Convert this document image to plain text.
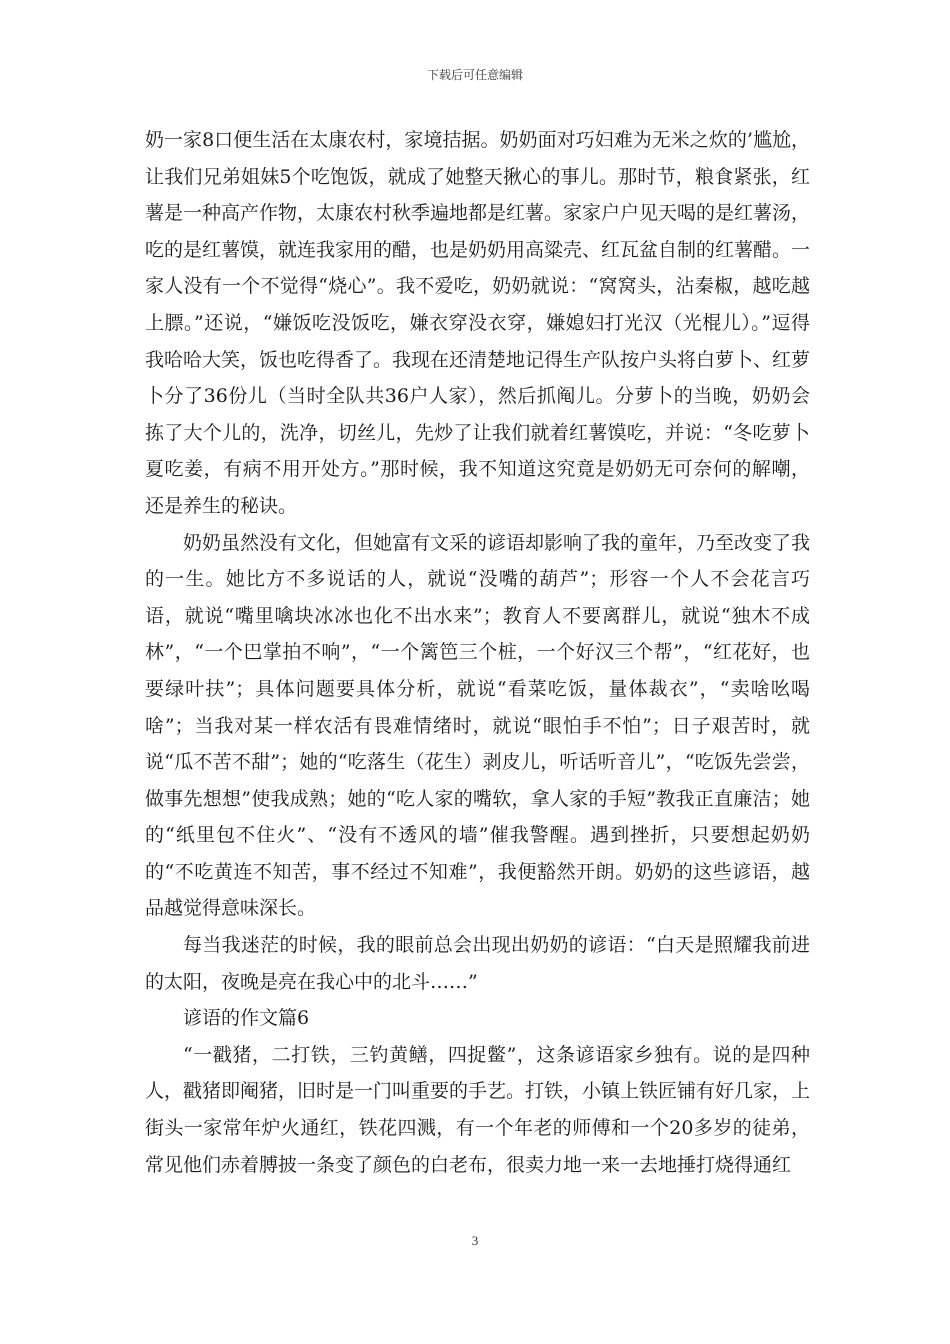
下载后可任意编辑

奶一家8口便生活在太康农村，家境拮据。奶奶面对巧妇难为无米之炊的’尴尬，让我们兄弟姐妹5个吃饱饭，就成了她整天揪心的事儿。那时节，粮食紧张，红薯是一种高产作物，太康农村秋季遍地都是红薯。家家户户见天喝的是红薯汤，吃的是红薯馍，就连我家用的醋，也是奶奶用高粱壳、红瓦盆自制的红薯醋。一家人没有一个不觉得“烧心”。我不爱吃，奶奶就说：“窝窝头，沾秦椒，越吃越上膘。”还说，“嫌饭吃没饭吃，嫌衣穿没衣穿，嫌媳妇打光汉（光棍儿）。”逗得我哈哈大笑，饭也吃得香了。我现在还清楚地记得生产队按户头将白萝卜、红萝卜分了36份儿（当时全队共36户人家），然后抓阄儿。分萝卜的当晚，奶奶会拣了大个儿的，洗净，切丝儿，先炒了让我们就着红薯馍吃，并说：“冬吃萝卜夏吃姜，有病不用开处方。”那时候，我不知道这究竟是奶奶无可奈何的解嘲，还是养生的秘诀。

奶奶虽然没有文化，但她富有文采的谚语却影响了我的童年，乃至改变了我的一生。她比方不多说话的人，就说“没嘴的葫芦”；形容一个人不会花言巧语，就说“嘴里噙块冰冰也化不出水来”；教育人不要离群儿，就说“独木不成林”，“一个巴掌拍不响”，“一个篱笆三个桩，一个好汉三个帮”，“红花好，也要绿叶扶”；具体问题要具体分析，就说“看菜吃饭，量体裁衣”，“卖啥吆喝啥”；当我对某一样农活有畏难情绪时，就说“眼怕手不怕”；日子艰苦时，就说“瓜不苦不甜”；她的“吃落生（花生）剥皮儿，听话听音儿”，“吃饭先尝尝，做事先想想”使我成熟；她的“吃人家的嘴软，拿人家的手短”教我正直廉洁；她的“纸里包不住火”、“没有不透风的墙”催我警醒。遇到挫折，只要想起奶奶的“不吃黄连不知苦，事不经过不知难”，我便豁然开朗。奶奶的这些谚语，越品越觉得意味深长。

每当我迷茫的时候，我的眼前总会出现出奶奶的谚语：“白天是照耀我前进的太阳，夜晚是亮在我心中的北斗……”

谚语的作文篇6

“一戳猪，二打铁，三钓黄鳝，四捉鳖”，这条谚语家乡独有。说的是四种人，戳猪即阉猪，旧时是一门叫重要的手艺。打铁，小镇上铁匠铺有好几家，上街头一家常年炉火通红，铁花四溅，有一个年老的师傅和一个20多岁的徒弟，常见他们赤着膊披一条变了颜色的白老布，很卖力地一来一去地捶打烧得通红

3
